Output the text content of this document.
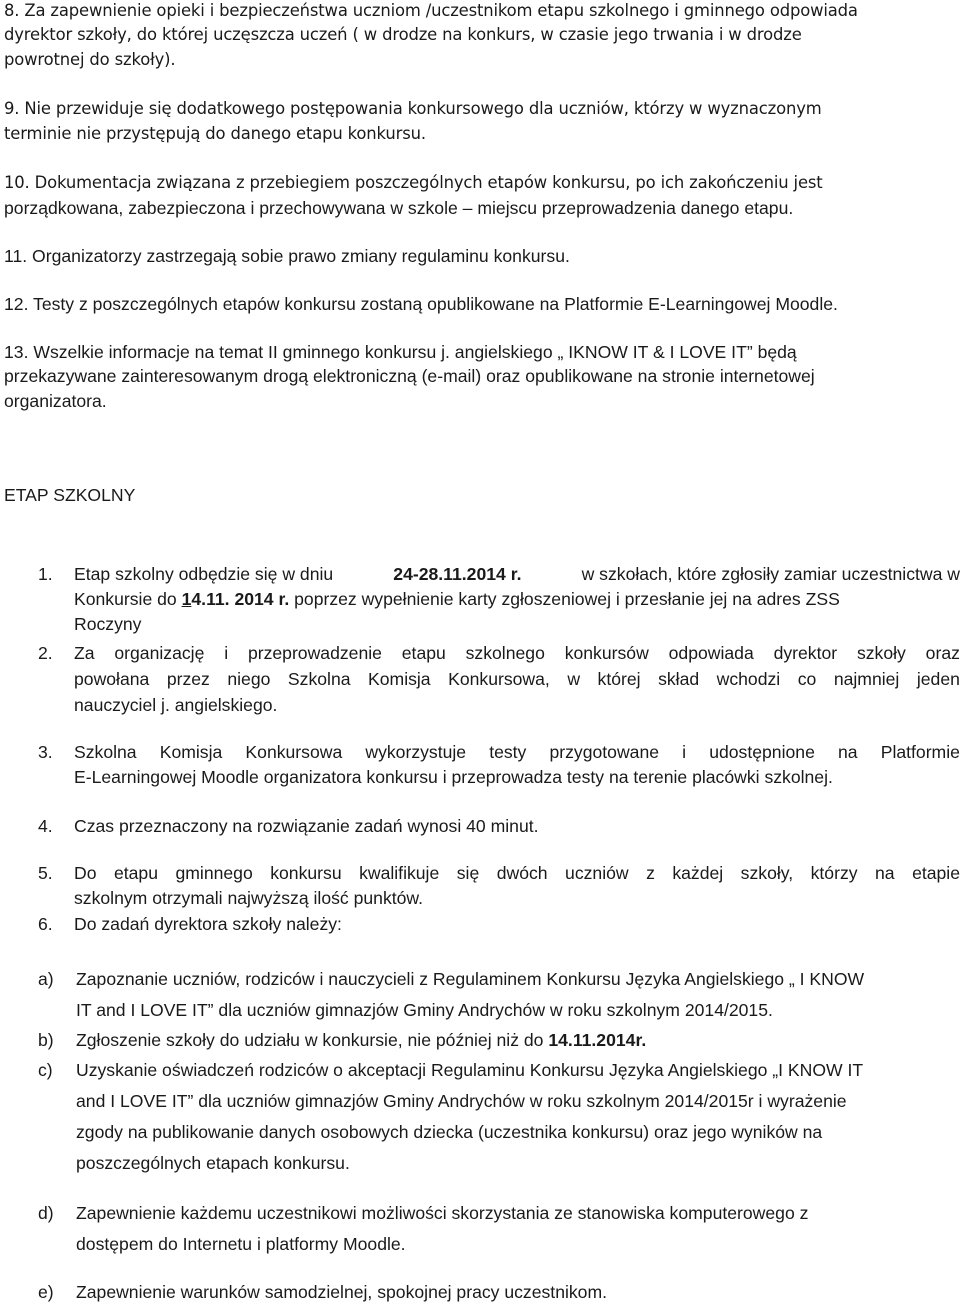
8. Za zapewnienie opieki i bezpieczeństwa uczniom /uczestnikom etapu szkolnego i gminnego odpowiada
dyrektor szkoły, do której uczęszcza uczeń ( w drodze na konkurs, w czasie jego trwania i w drodze
powrotnej do szkoły).
9. Nie przewiduje się dodatkowego postępowania konkursowego dla uczniów, którzy w wyznaczonym
terminie nie przystępują do danego etapu konkursu.
10. Dokumentacja związana z przebiegiem poszczególnych etapów konkursu, po ich zakończeniu jest
porządkowana, zabezpieczona i przechowywana w szkole – miejscu przeprowadzenia danego etapu.
11. Organizatorzy zastrzegają sobie prawo zmiany regulaminu konkursu.
12. Testy z poszczególnych etapów konkursu zostaną opublikowane na Platformie E-Learningowej Moodle.
13. Wszelkie informacje na temat II gminnego konkursu j. angielskiego „ IKNOW IT & I LOVE IT” będą
przekazywane zainteresowanym drogą elektroniczną (e-mail) oraz opublikowane na stronie internetowej
organizatora.
ETAP SZKOLNY
1. Etap szkolny odbędzie się w dniu	24-28.11.2014 r.	w szkołach, które zgłosiły zamiar uczestnictwa w
Konkursie do 14.11. 2014 r. poprzez wypełnienie karty zgłoszeniowej i przesłanie jej na adres ZSS
Roczyny
2. Za organizację i przeprowadzenie etapu szkolnego konkursów odpowiada dyrektor szkoły oraz
powołana przez niego Szkolna Komisja Konkursowa, w której skład wchodzi co najmniej jeden
nauczyciel j. angielskiego.
3. Szkolna Komisja Konkursowa wykorzystuje testy przygotowane i udostępnione na Platformie
E-Learningowej Moodle organizatora konkursu i przeprowadza testy na terenie placówki szkolnej.
4. Czas przeznaczony na rozwiązanie zadań wynosi 40 minut.
5. Do etapu gminnego konkursu kwalifikuje się dwóch uczniów z każdej szkoły, którzy na etapie
szkolnym otrzymali najwyższą ilość punktów.
6. Do zadań dyrektora szkoły należy:
a) Zapoznanie uczniów, rodziców i nauczycieli z Regulaminem Konkursu Języka Angielskiego „ I KNOW
IT and I LOVE IT” dla uczniów gimnazjów Gminy Andrychów w roku szkolnym 2014/2015.
b) Zgłoszenie szkoły do udziału w konkursie, nie później niż do 14.11.2014r.
c) Uzyskanie oświadczeń rodziców o akceptacji Regulaminu Konkursu Języka Angielskiego „I KNOW IT
and I LOVE IT” dla uczniów gimnazjów Gminy Andrychów w roku szkolnym 2014/2015r i wyrażenie
zgody na publikowanie danych osobowych dziecka (uczestnika konkursu) oraz jego wyników na
poszczególnych etapach konkursu.
d) Zapewnienie każdemu uczestnikowi możliwości skorzystania ze stanowiska komputerowego z
dostępem do Internetu i platformy Moodle.
e) Zapewnienie warunków samodzielnej, spokojnej pracy uczestnikom.
